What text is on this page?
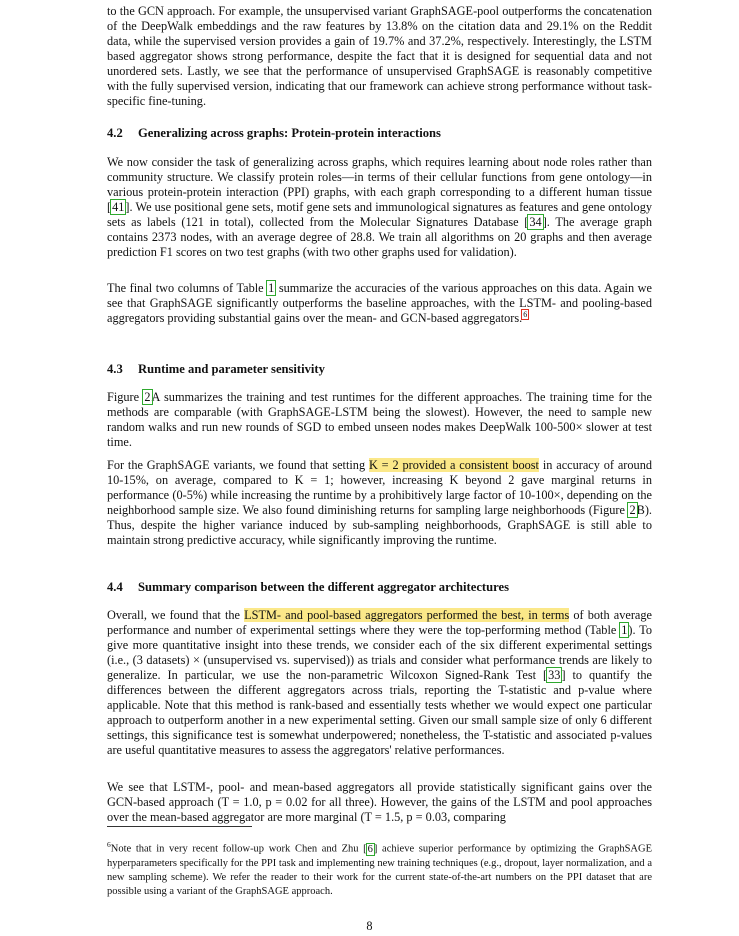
to the GCN approach. For example, the unsupervised variant GraphSAGE-pool outperforms the concatenation of the DeepWalk embeddings and the raw features by 13.8% on the citation data and 29.1% on the Reddit data, while the supervised version provides a gain of 19.7% and 37.2%, respectively. Interestingly, the LSTM based aggregator shows strong performance, despite the fact that it is designed for sequential data and not unordered sets. Lastly, we see that the performance of unsupervised GraphSAGE is reasonably competitive with the fully supervised version, indicating that our framework can achieve strong performance without task-specific fine-tuning.

4.2 Generalizing across graphs: Protein-protein interactions

We now consider the task of generalizing across graphs, which requires learning about node roles rather than community structure. We classify protein roles—in terms of their cellular functions from gene ontology—in various protein-protein interaction (PPI) graphs, with each graph corresponding to a different human tissue [41]. We use positional gene sets, motif gene sets and immunological signatures as features and gene ontology sets as labels (121 in total), collected from the Molecular Signatures Database [34]. The average graph contains 2373 nodes, with an average degree of 28.8. We train all algorithms on 20 graphs and then average prediction F1 scores on two test graphs (with two other graphs used for validation).

The final two columns of Table 1 summarize the accuracies of the various approaches on this data. Again we see that GraphSAGE significantly outperforms the baseline approaches, with the LSTM- and pooling-based aggregators providing substantial gains over the mean- and GCN-based aggregators.$^6$

4.3 Runtime and parameter sensitivity

Figure 2A summarizes the training and test runtimes for the different approaches. The training time for the methods are comparable (with GraphSAGE-LSTM being the slowest). However, the need to sample new random walks and run new rounds of SGD to embed unseen nodes makes DeepWalk 100-500× slower at test time.

For the GraphSAGE variants, we found that setting K = 2 provided a consistent boost in accuracy of around 10-15%, on average, compared to K = 1; however, increasing K beyond 2 gave marginal returns in performance (0-5%) while increasing the runtime by a prohibitively large factor of 10-100×, depending on the neighborhood sample size. We also found diminishing returns for sampling large neighborhoods (Figure 2B). Thus, despite the higher variance induced by sub-sampling neighborhoods, GraphSAGE is still able to maintain strong predictive accuracy, while significantly improving the runtime.

4.4 Summary comparison between the different aggregator architectures

Overall, we found that the LSTM- and pool-based aggregators performed the best, in terms of both average performance and number of experimental settings where they were the top-performing method (Table 1). To give more quantitative insight into these trends, we consider each of the six different experimental settings (i.e., (3 datasets) × (unsupervised vs. supervised)) as trials and consider what performance trends are likely to generalize. In particular, we use the non-parametric Wilcoxon Signed-Rank Test [33] to quantify the differences between the different aggregators across trials, reporting the T-statistic and p-value where applicable. Note that this method is rank-based and essentially tests whether we would expect one particular approach to outperform another in a new experimental setting. Given our small sample size of only 6 different settings, this significance test is somewhat underpowered; nonetheless, the T-statistic and associated p-values are useful quantitative measures to assess the aggregators' relative performances.

We see that LSTM-, pool- and mean-based aggregators all provide statistically significant gains over the GCN-based approach (T = 1.0, p = 0.02 for all three). However, the gains of the LSTM and pool approaches over the mean-based aggregator are more marginal (T = 1.5, p = 0.03, comparing

$^6$Note that in very recent follow-up work Chen and Zhu [6] achieve superior performance by optimizing the GraphSAGE hyperparameters specifically for the PPI task and implementing new training techniques (e.g., dropout, layer normalization, and a new sampling scheme). We refer the reader to their work for the current state-of-the-art numbers on the PPI dataset that are possible using a variant of the GraphSAGE approach.

8
